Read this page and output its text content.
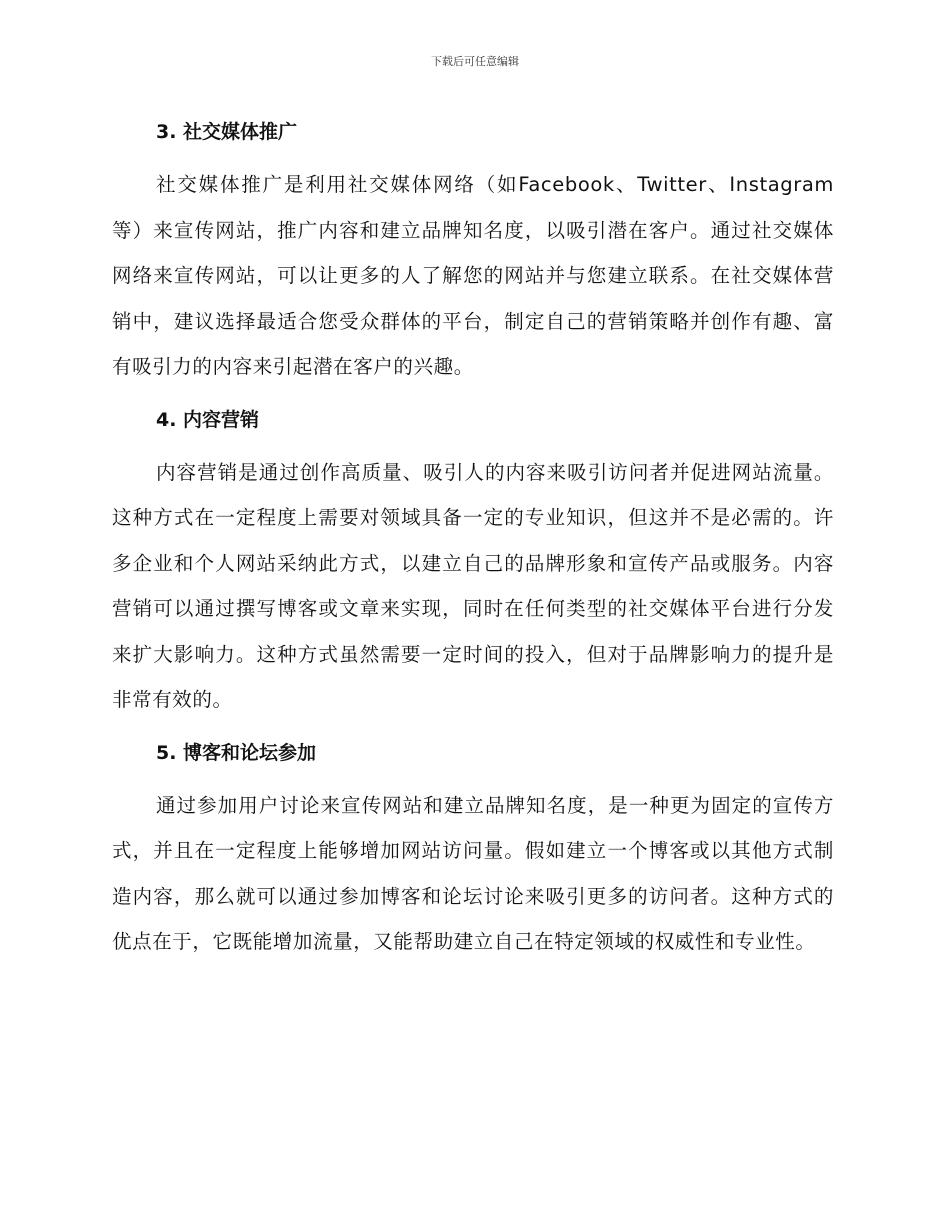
下载后可任意编辑
3. 社交媒体推广
社交媒体推广是利用社交媒体网络（如Facebook、Twitter、Instagram等）来宣传网站，推广内容和建立品牌知名度，以吸引潜在客户。通过社交媒体网络来宣传网站，可以让更多的人了解您的网站并与您建立联系。在社交媒体营销中，建议选择最适合您受众群体的平台，制定自己的营销策略并创作有趣、富有吸引力的内容来引起潜在客户的兴趣。
4. 内容营销
内容营销是通过创作高质量、吸引人的内容来吸引访问者并促进网站流量。这种方式在一定程度上需要对领域具备一定的专业知识，但这并不是必需的。许多企业和个人网站采纳此方式，以建立自己的品牌形象和宣传产品或服务。内容营销可以通过撰写博客或文章来实现，同时在任何类型的社交媒体平台进行分发来扩大影响力。这种方式虽然需要一定时间的投入，但对于品牌影响力的提升是非常有效的。
5. 博客和论坛参加
通过参加用户讨论来宣传网站和建立品牌知名度，是一种更为固定的宣传方式，并且在一定程度上能够增加网站访问量。假如建立一个博客或以其他方式制造内容，那么就可以通过参加博客和论坛讨论来吸引更多的访问者。这种方式的优点在于，它既能增加流量，又能帮助建立自己在特定领域的权威性和专业性。
